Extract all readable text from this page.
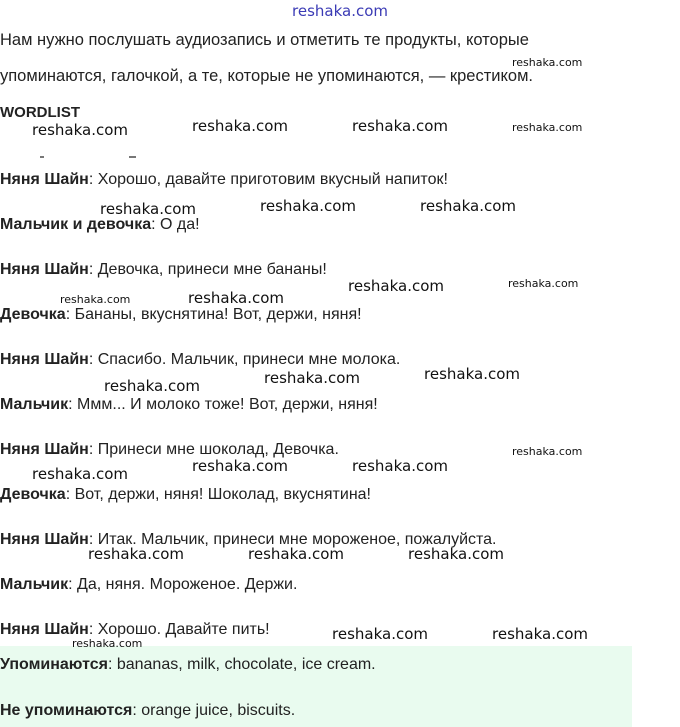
reshaka.com
Нам нужно послушать аудиозапись и отметить те продукты, которые
упоминаются, галочкой, а те, которые не упоминаются, — крестиком.
WORDLIST
Няня Шайн: Хорошо, давайте приготовим вкусный напиток!
Мальчик и девочка: О да!
Няня Шайн: Девочка, принеси мне бананы!
Девочка: Бананы, вкуснятина! Вот, держи, няня!
Няня Шайн: Спасибо. Мальчик, принеси мне молока.
Мальчик: Ммм... И молоко тоже! Вот, держи, няня!
Няня Шайн: Принеси мне шоколад, Девочка.
Девочка: Вот, держи, няня! Шоколад, вкуснятина!
Няня Шайн: Итак. Мальчик, принеси мне мороженое, пожалуйста.
Мальчик: Да, няня. Мороженое. Держи.
Няня Шайн: Хорошо. Давайте пить!
Упоминаются: bananas, milk, chocolate, ice cream.
Не упоминаются: orange juice, biscuits.
reshaka.com
reshaka.com	reshaka.com	reshaka.com	reshaka.com
reshaka.com	reshaka.com	reshaka.com
reshaka.com	reshaka.com
reshaka.com	reshaka.com
reshaka.com	reshaka.com	reshaka.com
reshaka.com
reshaka.com	reshaka.com
reshaka.com
reshaka.com	reshaka.com	reshaka.com
reshaka.com	reshaka.com
reshaka.com
